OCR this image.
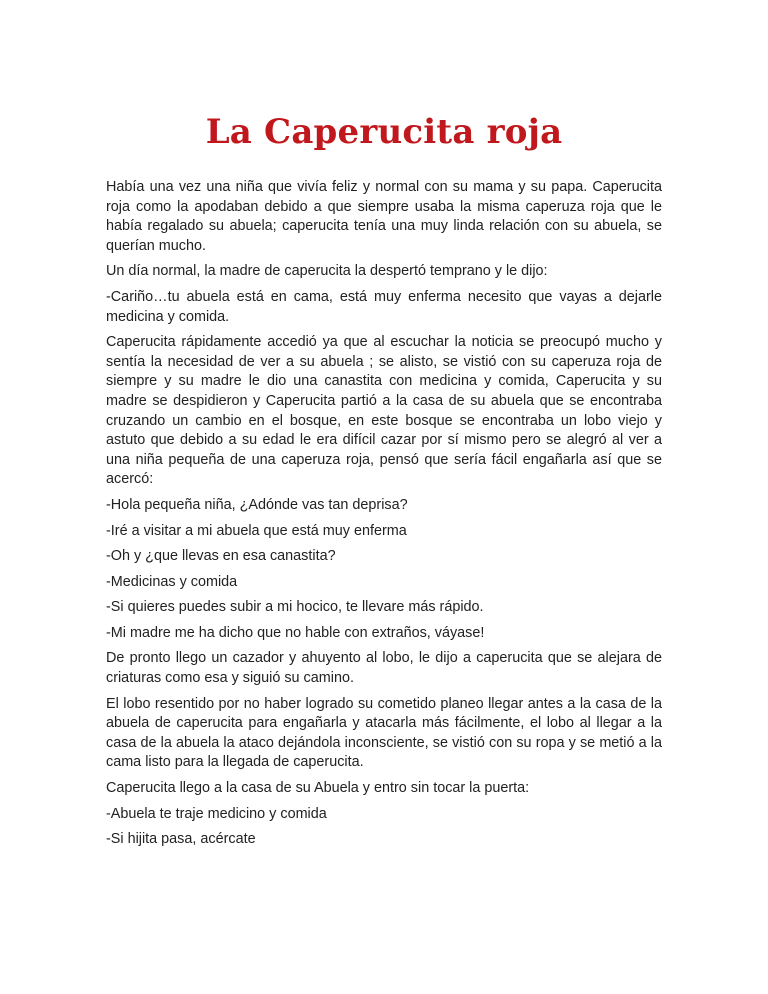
La Caperucita roja

Había una vez una niña que vivía feliz y normal con su mama y su papa. Caperucita roja como la apodaban debido a que siempre usaba la misma caperuza roja que le había regalado su abuela; caperucita tenía una muy linda relación con su abuela, se querían mucho.

Un día normal, la madre de caperucita la despertó temprano y le dijo:

-Cariño…tu abuela está en cama, está muy enferma necesito que vayas a dejarle medicina y comida.

Caperucita rápidamente accedió ya que al escuchar la noticia se preocupó mucho y sentía la necesidad de ver a su abuela ; se alisto, se vistió con su caperuza roja de siempre y su madre le dio una canastita con medicina y comida, Caperucita y su madre se despidieron y Caperucita partió a la casa de su abuela que se encontraba cruzando un cambio en el bosque, en este bosque se encontraba un lobo viejo y astuto que debido a su edad le era difícil cazar por sí mismo pero se alegró al ver a una niña pequeña de una caperuza roja, pensó que sería fácil engañarla así que se acercó:

-Hola pequeña niña, ¿Adónde vas tan deprisa?

-Iré a visitar a mi abuela que está muy enferma

-Oh y ¿que llevas en esa canastita?

-Medicinas y comida

-Si quieres puedes subir a mi hocico, te llevare más rápido.

-Mi madre me ha dicho que no hable con extraños, váyase!

De pronto llego un cazador y ahuyento al lobo, le dijo a caperucita que se alejara de criaturas como esa y siguió su camino.

El lobo resentido por no haber logrado su cometido planeo llegar antes a la casa de la abuela de caperucita para engañarla y atacarla más fácilmente, el lobo al llegar a la casa de la abuela la ataco dejándola inconsciente, se vistió con su ropa y se metió a la cama listo para la llegada de caperucita.

Caperucita llego a la casa de su Abuela y entro sin tocar la puerta:

-Abuela te traje medicino y comida

-Si hijita pasa, acércate
